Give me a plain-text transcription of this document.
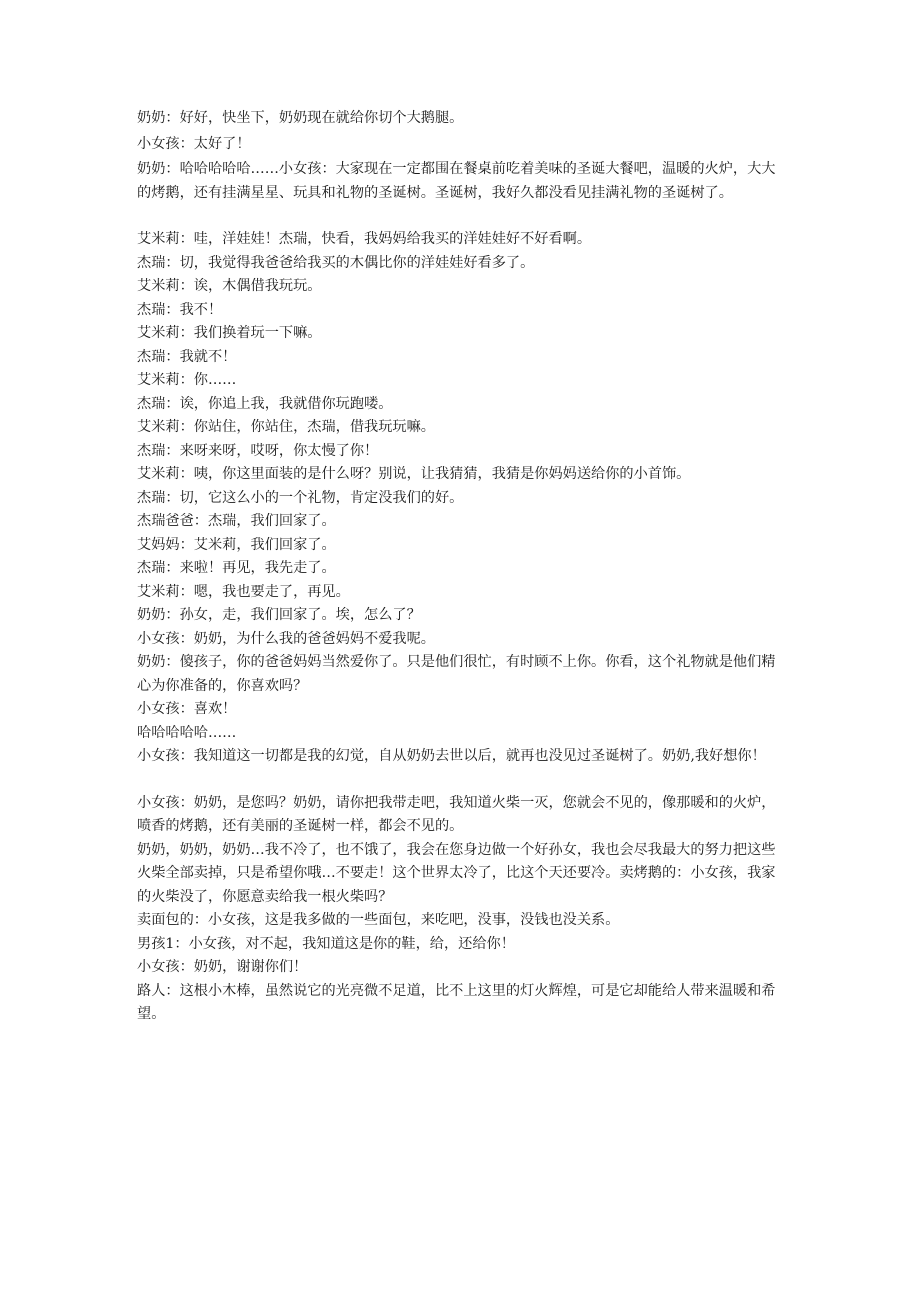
奶奶：好好，快坐下，奶奶现在就给你切个大鹅腿。

小女孩：太好了！

奶奶：哈哈哈哈哈……小女孩：大家现在一定都围在餐桌前吃着美味的圣诞大餐吧，温暖的火炉，大大的烤鹅，还有挂满星星、玩具和礼物的圣诞树。圣诞树，我好久都没看见挂满礼物的圣诞树了。

艾米莉：哇，洋娃娃！杰瑞，快看，我妈妈给我买的洋娃娃好不好看啊。

杰瑞：切，我觉得我爸爸给我买的木偶比你的洋娃娃好看多了。

艾米莉：诶，木偶借我玩玩。

杰瑞：我不！

艾米莉：我们换着玩一下嘛。

杰瑞：我就不！

艾米莉：你……

杰瑞：诶，你追上我，我就借你玩跑喽。

艾米莉：你站住，你站住，杰瑞，借我玩玩嘛。

杰瑞：来呀来呀，哎呀，你太慢了你！

艾米莉：咦，你这里面装的是什么呀？别说，让我猜猜，我猜是你妈妈送给你的小首饰。

杰瑞：切，它这么小的一个礼物，肯定没我们的好。

杰瑞爸爸：杰瑞，我们回家了。

艾妈妈：艾米莉，我们回家了。

杰瑞：来啦！再见，我先走了。

艾米莉：嗯，我也要走了，再见。

奶奶：孙女，走，我们回家了。埃，怎么了？

小女孩：奶奶，为什么我的爸爸妈妈不爱我呢。

奶奶：傻孩子，你的爸爸妈妈当然爱你了。只是他们很忙，有时顾不上你。你看，这个礼物就是他们精心为你准备的，你喜欢吗？

小女孩：喜欢！

哈哈哈哈哈……

小女孩：我知道这一切都是我的幻觉，自从奶奶去世以后，就再也没见过圣诞树了。奶奶,我好想你！

小女孩：奶奶，是您吗？奶奶，请你把我带走吧，我知道火柴一灭，您就会不见的，像那暖和的火炉，喷香的烤鹅，还有美丽的圣诞树一样，都会不见的。

奶奶，奶奶，奶奶…我不冷了，也不饿了，我会在您身边做一个好孙女，我也会尽我最大的努力把这些火柴全部卖掉，只是希望你哦…不要走！这个世界太冷了，比这个天还要冷。卖烤鹅的：小女孩，我家的火柴没了，你愿意卖给我一根火柴吗？

卖面包的：小女孩，这是我多做的一些面包，来吃吧，没事，没钱也没关系。

男孩1：小女孩，对不起，我知道这是你的鞋，给，还给你！

小女孩：奶奶，谢谢你们！

路人：这根小木棒，虽然说它的光亮微不足道，比不上这里的灯火辉煌，可是它却能给人带来温暖和希望。
